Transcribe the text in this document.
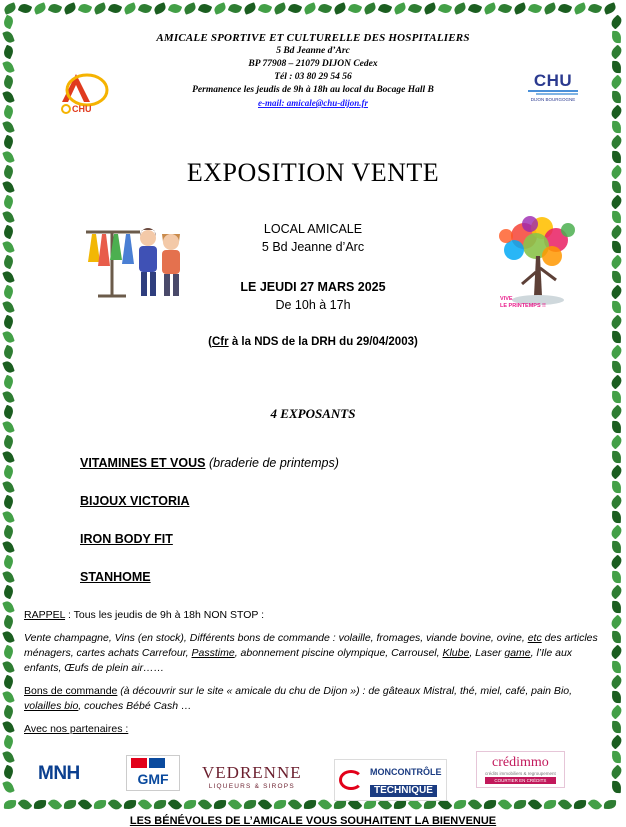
CHU
CHU
DIJON BOURGOGNE
AMICALE SPORTIVE ET CULTURELLE DES HOSPITALIERS
5 Bd Jeanne d’Arc
BP 77908 – 21079 DIJON Cedex
Tél : 03 80 29 54 56
Permanence les jeudis de 9h à 18h au local du Bocage Hall B
e-mail: amicale@chu-dijon.fr
EXPOSITION VENTE
VIVE
LE PRINTEMPS !!
LOCAL AMICALE
5 Bd Jeanne d’Arc
LE JEUDI 27 MARS 2025
De 10h à 17h
(Cfr à la NDS de la DRH du 29/04/2003)
4 EXPOSANTS
VITAMINES ET VOUS (braderie de printemps)
BIJOUX VICTORIA
IRON BODY FIT
STANHOME
RAPPEL : Tous les jeudis de 9h à 18h NON STOP :

Vente champagne, Vins (en stock), Différents bons de commande : volaille, fromages, viande bovine, ovine, etc des articles ménagers, cartes achats Carrefour, Passtime, abonnement piscine olympique, Carrousel, Klube, Laser game, l’Ile aux enfants, Œufs de plein air……

Bons de commande (à découvrir sur le site « amicale du chu de Dijon ») : de gâteaux Mistral, thé, miel, café, pain Bio, volailles bio, couches Bébé Cash …

Avec nos partenaires :

MNH	GMF	VEDRENNE
LIQUEURS & SIROPS
MONCONTRÔLE
TECHNIQUE
crédimmo
crédits immobiliers & regroupement
COURTIER EN CRÉDITS
LES BÉNÉVOLES DE L’AMICALE VOUS SOUHAITENT LA BIENVENUE
